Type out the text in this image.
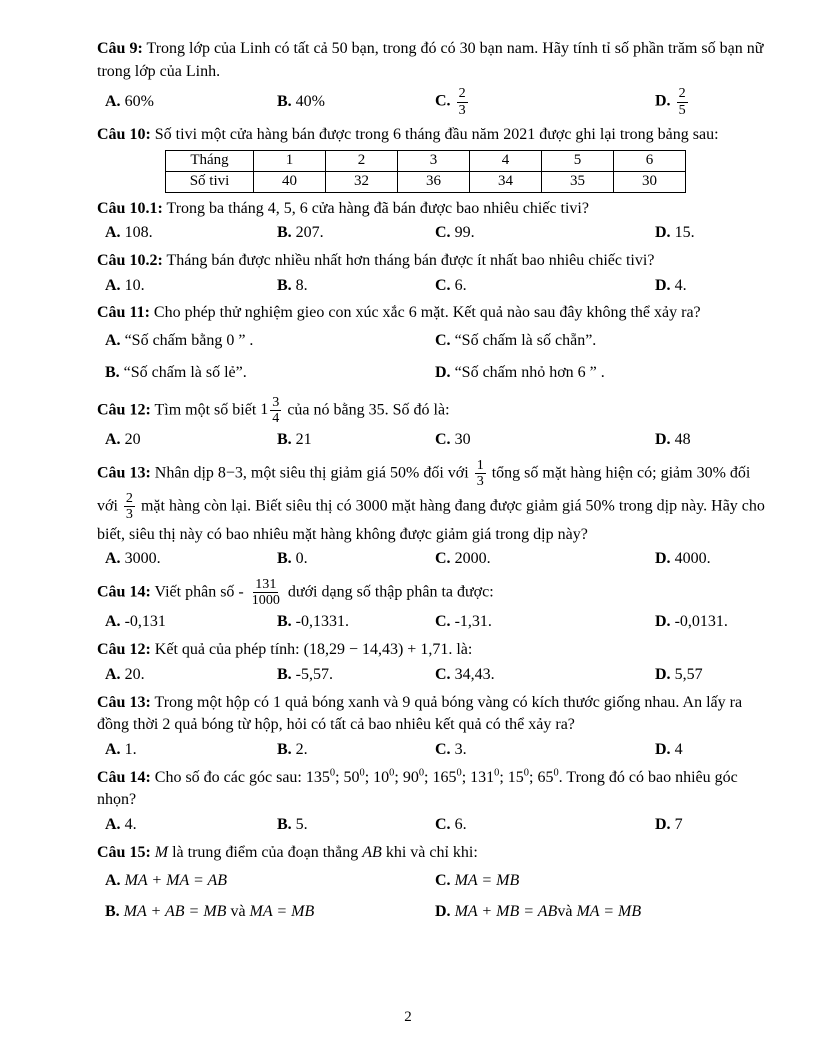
Câu 9: Trong lớp của Linh có tất cả 50 bạn, trong đó có 30 bạn nam. Hãy tính tỉ số phần trăm số bạn nữ trong lớp của Linh.

A. 60%	B. 40%	C. $\frac{2}{3}$	D. $\frac{2}{5}$

Câu 10: Số tivi một cửa hàng bán được trong 6 tháng đầu năm 2021 được ghi lại trong bảng sau:

Tháng	1	2	3	4	5	6
Số tivi	40	32	36	34	35	30

Câu 10.1: Trong ba tháng 4, 5, 6 cửa hàng đã bán được bao nhiêu chiếc tivi?

A. 108.	B. 207.	C. 99.	D. 15.

Câu 10.2: Tháng bán được nhiều nhất hơn tháng bán được ít nhất bao nhiêu chiếc tivi?

A. 10.	B. 8.	C. 6.	D. 4.

Câu 11: Cho phép thử nghiệm gieo con xúc xắc 6 mặt. Kết quả nào sau đây không thể xảy ra?

A. “Số chấm bằng 0 ” .	C. “Số chấm là số chẵn”.
B. “Số chấm là số lẻ”.	D. “Số chấm nhỏ hơn 6 ” .

Câu 12: Tìm một số biết $1 \frac{3}{4}$ của nó bằng 35. Số đó là:

A. 20	B. 21	C. 30	D. 48

Câu 13: Nhân dịp 8−3, một siêu thị giảm giá 50% đối với $\frac{1}{3}$ tổng số mặt hàng hiện có; giảm 30% đối với $\frac{2}{3}$ mặt hàng còn lại. Biết siêu thị có 3000 mặt hàng đang được giảm giá 50% trong dịp này. Hãy cho biết, siêu thị này có bao nhiêu mặt hàng không được giảm giá trong dịp này?

A. 3000.	B. 0.	C. 2000.	D. 4000.

Câu 14: Viết phân số - $\frac{131}{1000}$ dưới dạng số thập phân ta được:

A. -0,131	B. -0,1331.	C. -1,31.	D. -0,0131.

Câu 12: Kết quả của phép tính: (18,29 − 14,43) + 1,71. là:

A. 20.	B. -5,57.	C. 34,43.	D. 5,57

Câu 13: Trong một hộp có 1 quả bóng xanh và 9 quả bóng vàng có kích thước giống nhau. An lấy ra đồng thời 2 quả bóng từ hộp, hỏi có tất cả bao nhiêu kết quả có thể xảy ra?

A. 1.	B. 2.	C. 3.	D. 4

Câu 14: Cho số đo các góc sau: $135^0$; $50^0$; $10^0$; $90^0$; $165^0$; $131^0$; $15^0$; $65^0$. Trong đó có bao nhiêu góc nhọn?

A. 4.	B. 5.	C. 6.	D. 7

Câu 15: M là trung điểm của đoạn thẳng AB khi và chỉ khi:

A. MA + MA = AB	C. MA = MB
B. MA + AB = MB và MA = MB	D. MA + MB = ABvà MA = MB
2
